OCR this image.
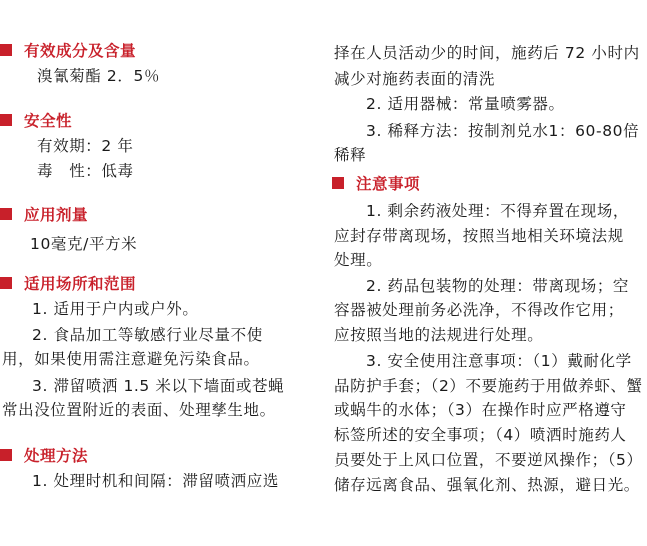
有效成分及含量
溴氰菊酯 2．5％
安全性
有效期：2 年
毒　性：低毒
应用剂量
10毫克/平方米
适用场所和范围
1. 适用于户内或户外。
2. 食品加工等敏感行业尽量不使
用，如果使用需注意避免污染食品。
3. 滞留喷洒 1.5 米以下墙面或苍蝇
常出没位置附近的表面、处理孳生地。
处理方法
1. 处理时机和间隔：滞留喷洒应选
择在人员活动少的时间，施药后 72 小时内
减少对施药表面的清洗
2. 适用器械：常量喷雾器。
3. 稀释方法：按制剂兑水1：60-80倍
稀释
注意事项
1. 剩余药液处理：不得弃置在现场，
应封存带离现场，按照当地相关环境法规
处理。
2. 药品包装物的处理：带离现场；空
容器被处理前务必洗净，不得改作它用；
应按照当地的法规进行处理。
3. 安全使用注意事项：（1）戴耐化学
品防护手套；（2）不要施药于用做养虾、蟹
或蜗牛的水体；（3）在操作时应严格遵守
标签所述的安全事项；（4）喷洒时施药人
员要处于上风口位置，不要逆风操作；（5）
储存远离食品、强氧化剂、热源，避日光。
